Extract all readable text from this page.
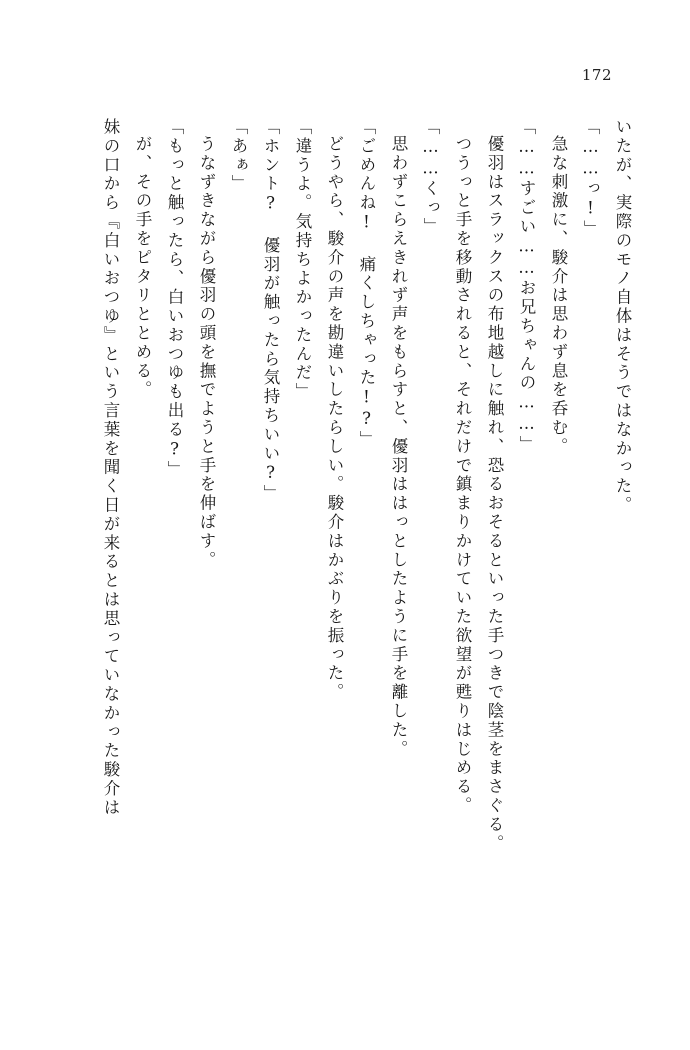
172
いたが、実際のモノ自体はそうではなかった。
「……っ!」
急な刺激に、駿介は思わず息を呑む。
「……すごい……お兄ちゃんの……」
優羽はスラックスの布地越しに触れ、恐るおそるといった手つきで陰茎をまさぐる。
つうっと手を移動されると、それだけで鎮まりかけていた欲望が甦りはじめる。
「……くっ」
思わずこらえきれず声をもらすと、優羽ははっとしたように手を離した。
「ごめんね! 痛くしちゃった!?」
どうやら、駿介の声を勘違いしたらしい。駿介はかぶりを振った。
「違うよ。気持ちよかったんだ」
「ホント? 優羽が触ったら気持ちいい?」
「あぁ」
うなずきながら優羽の頭を撫でようと手を伸ばす。
「もっと触ったら、白いおつゆも出る?」
が、その手をピタリととめる。
妹の口から『白いおつゆ』という言葉を聞く日が来るとは思っていなかった駿介は
